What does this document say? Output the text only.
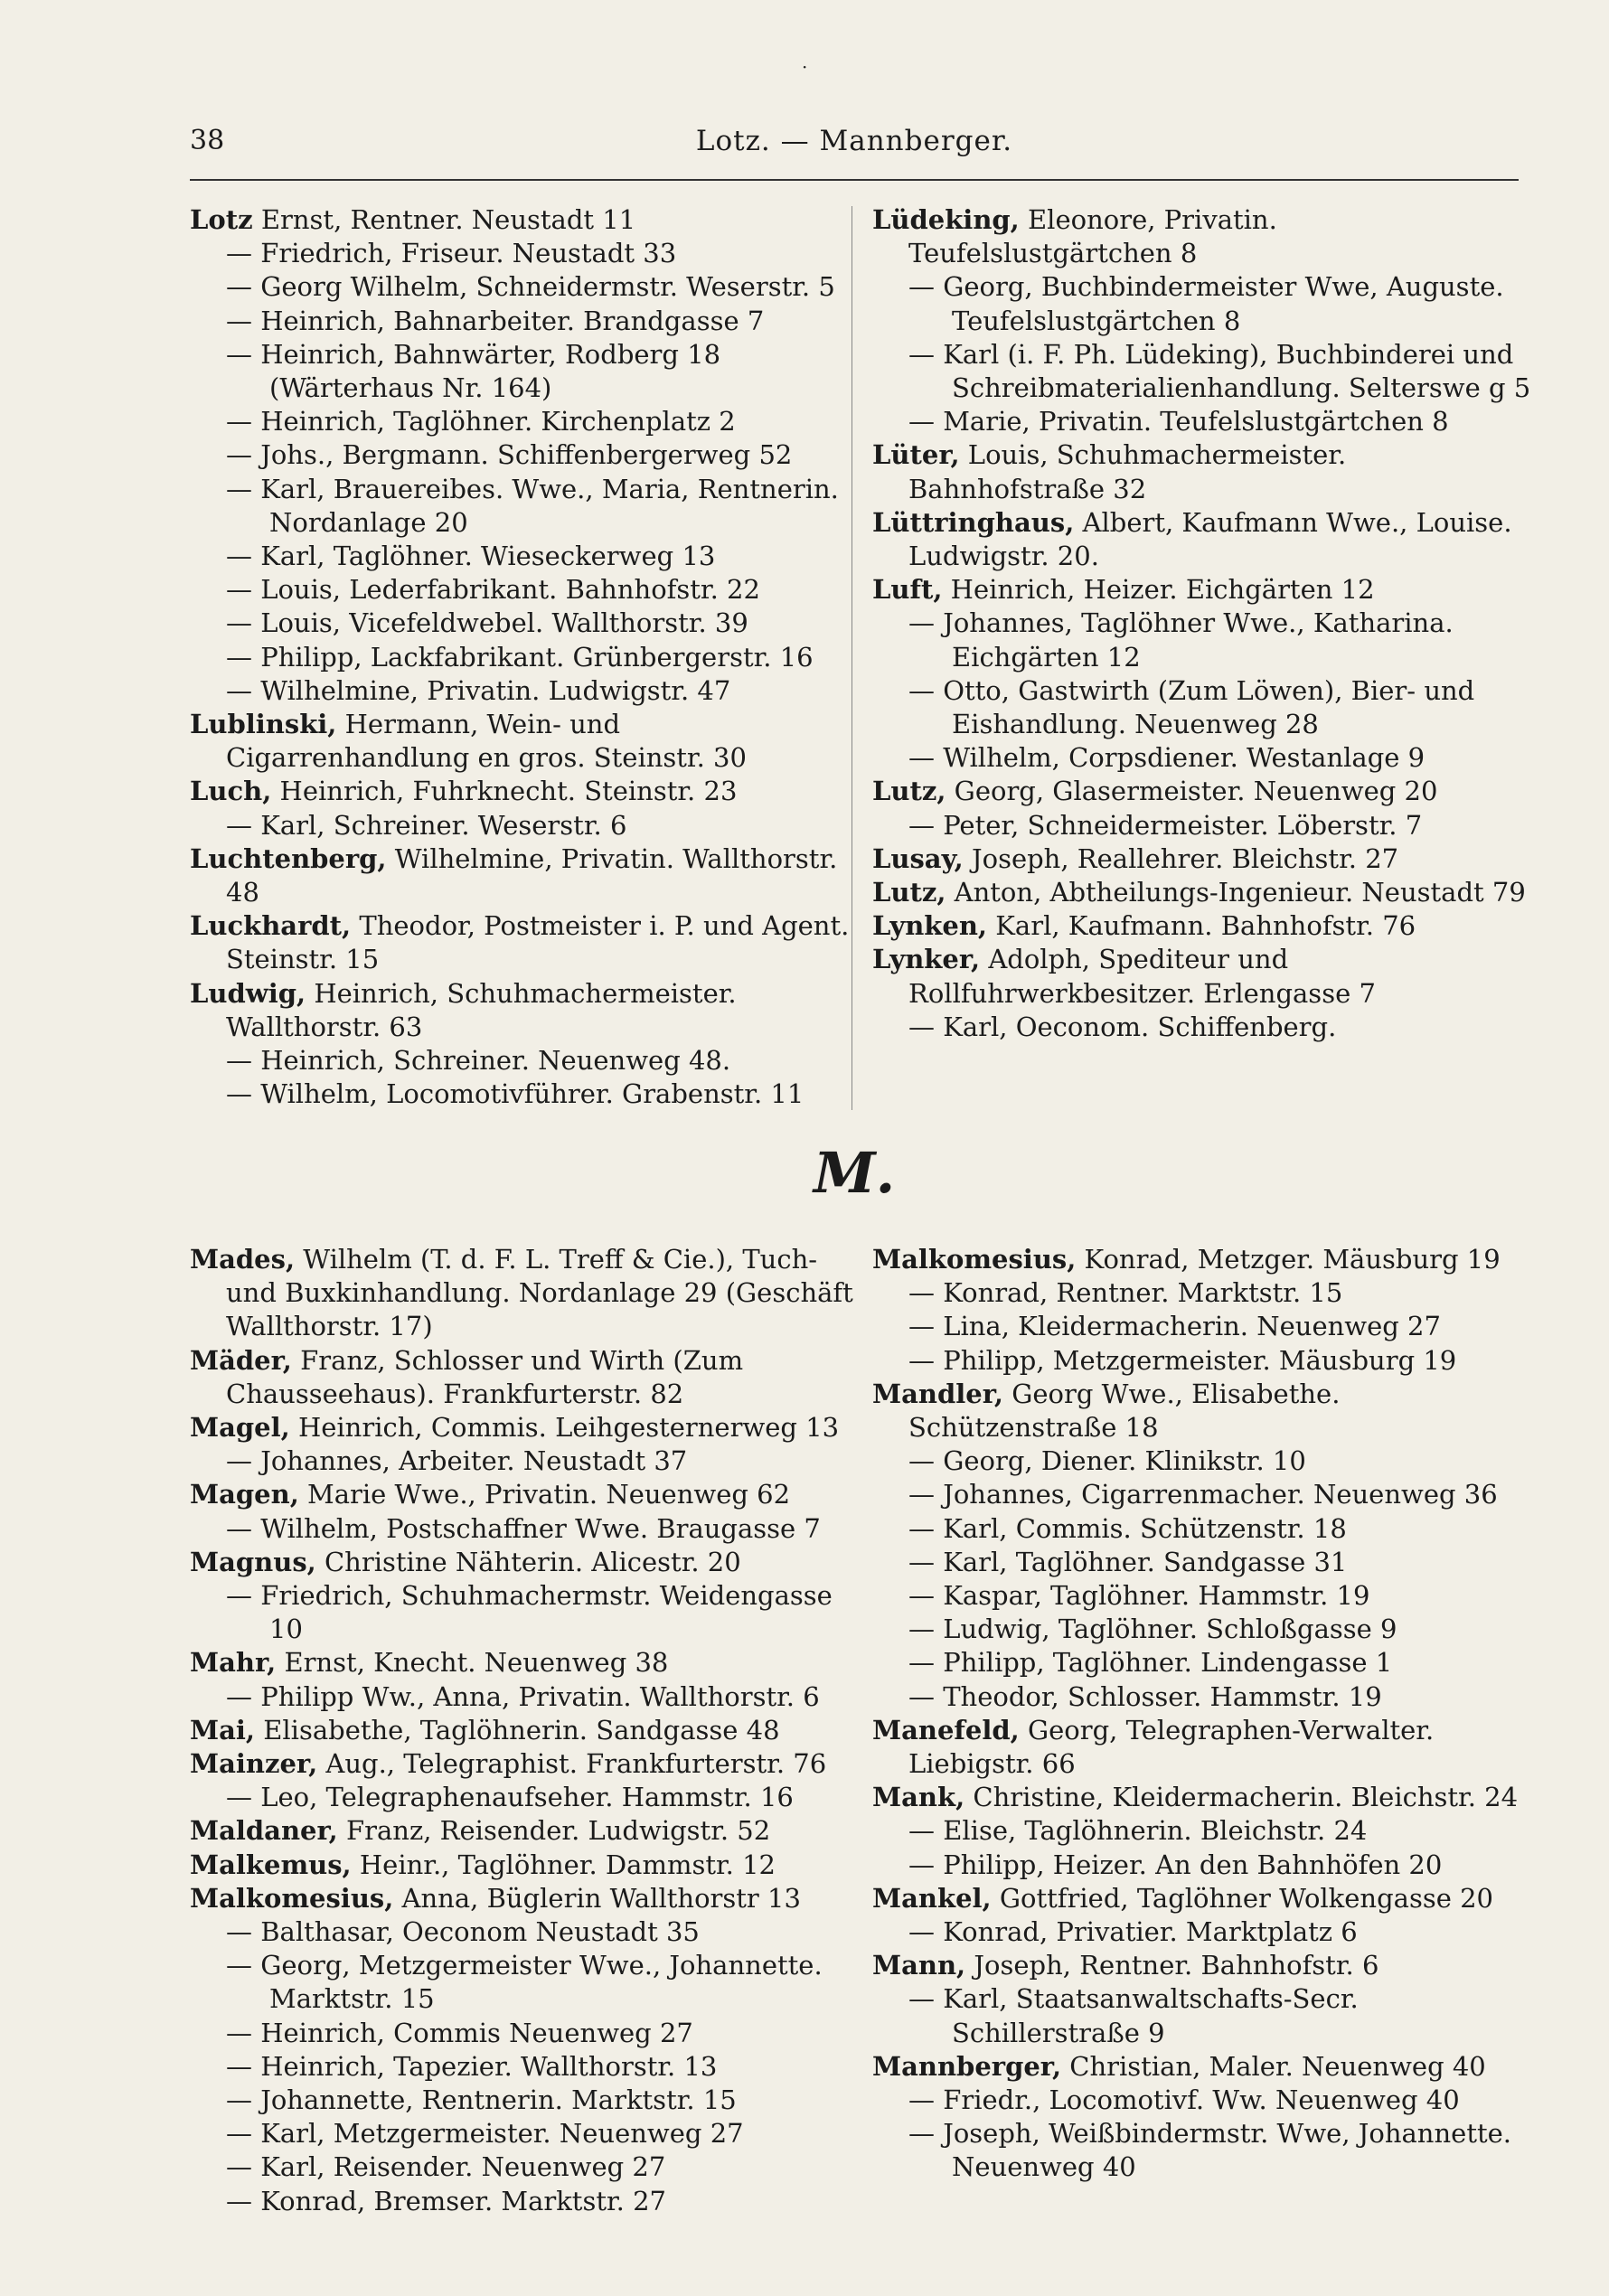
·
38	Lotz. — Mannberger.

Lotz Ernst, Rentner. Neustadt 11

— Friedrich, Friseur. Neustadt 33

— Georg Wilhelm, Schneidermstr. Weserstr. 5

— Heinrich, Bahnarbeiter. Brandgasse 7

— Heinrich, Bahnwärter, Rodberg 18 (Wärterhaus Nr. 164)

— Heinrich, Taglöhner. Kirchenplatz 2

— Johs., Bergmann. Schiffenbergerweg 52

— Karl, Brauereibes. Wwe., Maria, Rentnerin. Nordanlage 20

— Karl, Taglöhner. Wieseckerweg 13

— Louis, Lederfabrikant. Bahnhofstr. 22

— Louis, Vicefeldwebel. Wallthorstr. 39

— Philipp, Lackfabrikant. Grünbergerstr. 16

— Wilhelmine, Privatin. Ludwigstr. 47

Lublinski, Hermann, Wein- und Cigarrenhandlung en gros. Steinstr. 30

Luch, Heinrich, Fuhrknecht. Steinstr. 23

— Karl, Schreiner. Weserstr. 6

Luchtenberg, Wilhelmine, Privatin. Wallthorstr. 48

Luckhardt, Theodor, Postmeister i. P. und Agent. Steinstr. 15

Ludwig, Heinrich, Schuhmachermeister. Wallthorstr. 63

— Heinrich, Schreiner. Neuenweg 48.

— Wilhelm, Locomotivführer. Grabenstr. 11

Lüdeking, Eleonore, Privatin. Teufelslustgärtchen 8

— Georg, Buchbindermeister Wwe, Auguste. Teufelslustgärtchen 8

— Karl (i. F. Ph. Lüdeking), Buchbinderei und Schreibmaterialienhandlung. Selterswe g 5

— Marie, Privatin. Teufelslustgärtchen 8

Lüter, Louis, Schuhmachermeister. Bahnhofstraße 32

Lüttringhaus, Albert, Kaufmann Wwe., Louise. Ludwigstr. 20.

Luft, Heinrich, Heizer. Eichgärten 12

— Johannes, Taglöhner Wwe., Katharina. Eichgärten 12

— Otto, Gastwirth (Zum Löwen), Bier- und Eishandlung. Neuenweg 28

— Wilhelm, Corpsdiener. Westanlage 9

Lutz, Georg, Glasermeister. Neuenweg 20

— Peter, Schneidermeister. Löberstr. 7

Lusay, Joseph, Reallehrer. Bleichstr. 27

Lutz, Anton, Abtheilungs-Ingenieur. Neustadt 79

Lynken, Karl, Kaufmann. Bahnhofstr. 76

Lynker, Adolph, Spediteur und Rollfuhrwerkbesitzer. Erlengasse 7

— Karl, Oeconom. Schiffenberg.

M.

Mades, Wilhelm (T. d. F. L. Treff & Cie.), Tuch- und Buxkinhandlung. Nordanlage 29 (Geschäft Wallthorstr. 17)

Mäder, Franz, Schlosser und Wirth (Zum Chausseehaus). Frankfurterstr. 82

Magel, Heinrich, Commis. Leihgesternerweg 13

— Johannes, Arbeiter. Neustadt 37

Magen, Marie Wwe., Privatin. Neuenweg 62

— Wilhelm, Postschaffner Wwe. Braugasse 7

Magnus, Christine Nähterin. Alicestr. 20

— Friedrich, Schuhmachermstr. Weidengasse 10

Mahr, Ernst, Knecht. Neuenweg 38

— Philipp Ww., Anna, Privatin. Wallthorstr. 6

Mai, Elisabethe, Taglöhnerin. Sandgasse 48

Mainzer, Aug., Telegraphist. Frankfurterstr. 76

— Leo, Telegraphenaufseher. Hammstr. 16

Maldaner, Franz, Reisender. Ludwigstr. 52

Malkemus, Heinr., Taglöhner. Dammstr. 12

Malkomesius, Anna, Büglerin Wallthorstr 13

— Balthasar, Oeconom Neustadt 35

— Georg, Metzgermeister Wwe., Johannette. Marktstr. 15

— Heinrich, Commis Neuenweg 27

— Heinrich, Tapezier. Wallthorstr. 13

— Johannette, Rentnerin. Marktstr. 15

— Karl, Metzgermeister. Neuenweg 27

— Karl, Reisender. Neuenweg 27

— Konrad, Bremser. Marktstr. 27

Malkomesius, Konrad, Metzger. Mäusburg 19

— Konrad, Rentner. Marktstr. 15

— Lina, Kleidermacherin. Neuenweg 27

— Philipp, Metzgermeister. Mäusburg 19

Mandler, Georg Wwe., Elisabethe. Schützenstraße 18

— Georg, Diener. Klinikstr. 10

— Johannes, Cigarrenmacher. Neuenweg 36

— Karl, Commis. Schützenstr. 18

— Karl, Taglöhner. Sandgasse 31

— Kaspar, Taglöhner. Hammstr. 19

— Ludwig, Taglöhner. Schloßgasse 9

— Philipp, Taglöhner. Lindengasse 1

— Theodor, Schlosser. Hammstr. 19

Manefeld, Georg, Telegraphen-Verwalter. Liebigstr. 66

Mank, Christine, Kleidermacherin. Bleichstr. 24

— Elise, Taglöhnerin. Bleichstr. 24

— Philipp, Heizer. An den Bahnhöfen 20

Mankel, Gottfried, Taglöhner Wolkengasse 20

— Konrad, Privatier. Marktplatz 6

Mann, Joseph, Rentner. Bahnhofstr. 6

— Karl, Staatsanwaltschafts-Secr. Schillerstraße 9

Mannberger, Christian, Maler. Neuenweg 40

— Friedr., Locomotivf. Ww. Neuenweg 40

— Joseph, Weißbindermstr. Wwe, Johannette. Neuenweg 40
